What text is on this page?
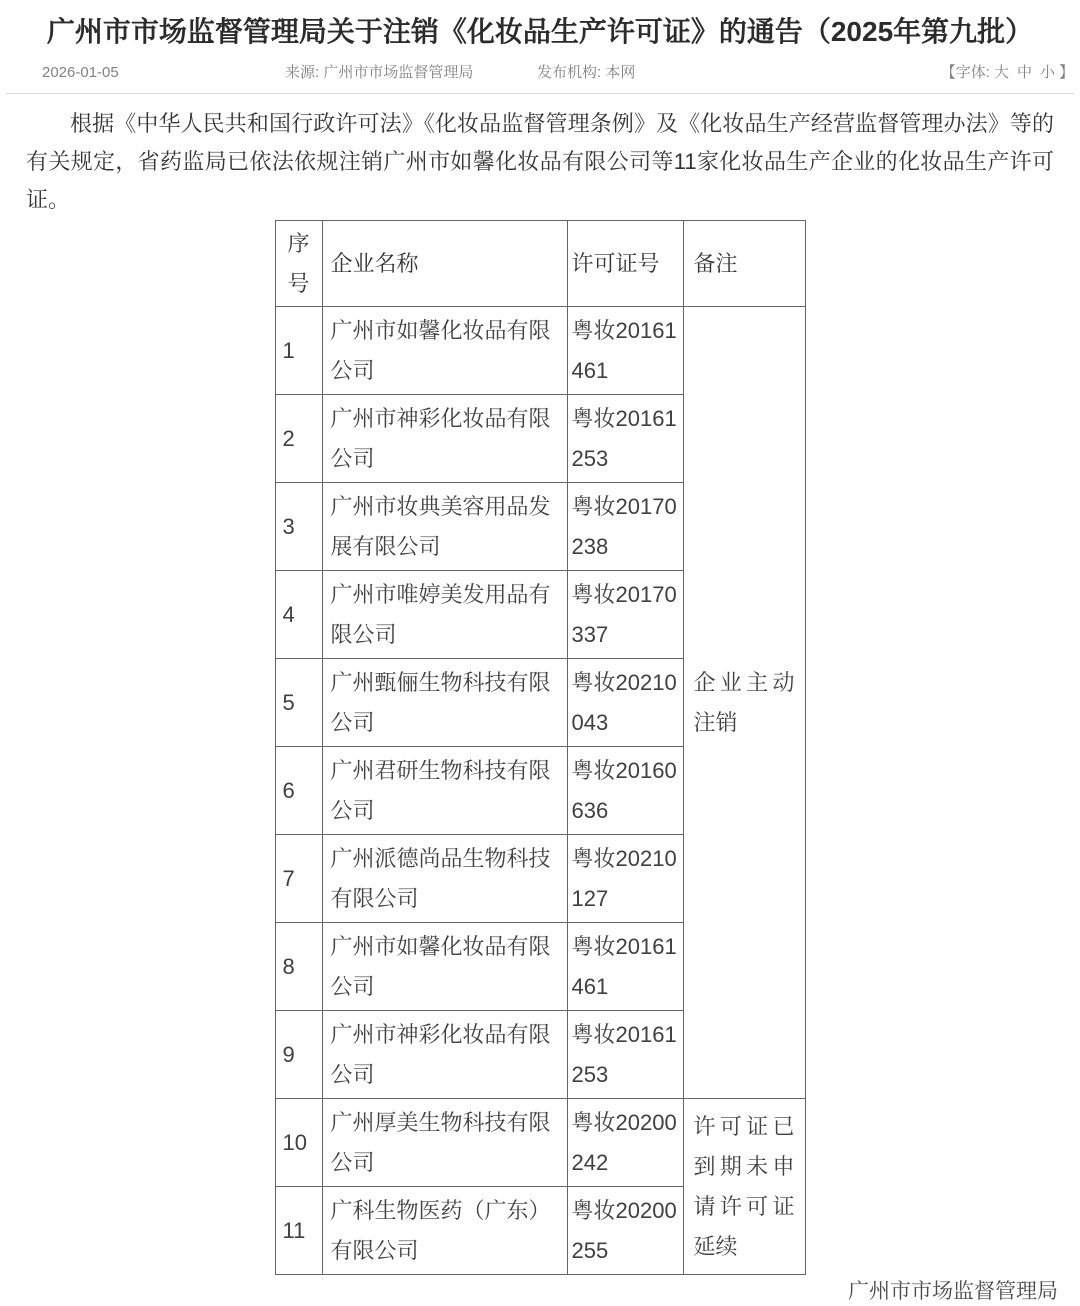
广州市市场监督管理局关于注销《化妆品生产许可证》的通告（2025年第九批）
2026-01-05	来源: 广州市市场监督管理局	发布机构: 本网	【字体: 大 中 小 】

根据《中华人民共和国行政许可法》《化妆品监督管理条例》及《化妆品生产经营监督管理办法》等的有关规定，省药监局已依法依规注销广州市如馨化妆品有限公司等11家化妆品生产企业的化妆品生产许可证。

序号	企业名称	许可证号	备注
1	广州市如馨化妆品有限公司	粤妆20161461	企业主动注销
2	广州市神彩化妆品有限公司	粤妆20161253	
3	广州市妆典美容用品发展有限公司	粤妆20170238	
4	广州市唯婷美发用品有限公司	粤妆20170337	
5	广州甄俪生物科技有限公司	粤妆20210043	
6	广州君研生物科技有限公司	粤妆20160636	
7	广州派德尚品生物科技有限公司	粤妆20210127	
8	广州市如馨化妆品有限公司	粤妆20161461	
9	广州市神彩化妆品有限公司	粤妆20161253	
10	广州厚美生物科技有限公司	粤妆20200242	许可证已到期未申请许可证延续
11	广科生物医药（广东）有限公司	粤妆20200255	
广州市市场监督管理局
